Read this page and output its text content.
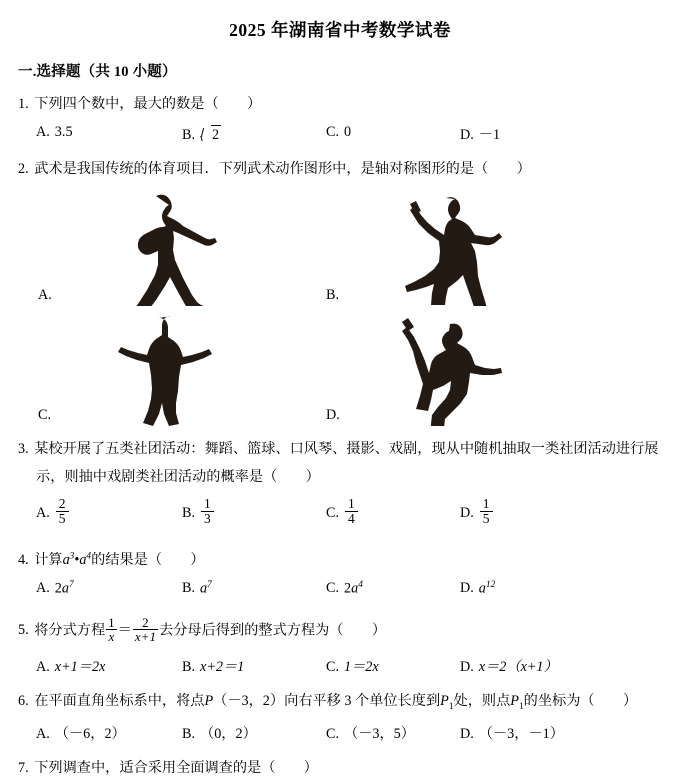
2025 年湖南省中考数学试卷
一.选择题（共 10 小题）
1. 下列四个数中，最大的数是（　　）
A. 3.5	B. 2	C. 0	D. －1
2. 武术是我国传统的体育项目．下列武术动作图形中，是轴对称图形的是（　　）
A.	B.
C.	D.
3. 某校开展了五类社团活动：舞蹈、篮球、口风琴、摄影、戏剧，现从中随机抽取一类社团活动进行展
示，则抽中戏剧类社团活动的概率是（　　）
A. $\frac{2}{5}$	B. $\frac{1}{3}$	C. $\frac{1}{4}$	D. $\frac{1}{5}$
4. 计算$a^3•a^4$的结果是（　　）
A. $2a^7$	B. $a^7$	C. $2a^4$	D. $a^{12}$
5. 将分式方程 $\frac{1}{x} = \frac{2}{x+1}$ 去分母后得到的整式方程为（　　）
A. x+1＝2x	B. x+2＝1	C. 1＝2x	D. x＝2（x+1）
6. 在平面直角坐标系中，将点P（－3，2）向右平移 3 个单位长度到$P_1$处，则点$P_1$的坐标为（　　）
A. （－6，2）	B. （0，2）	C. （－3，5）	D. （－3，－1）
7. 下列调查中，适合采用全面调查的是（　　）
